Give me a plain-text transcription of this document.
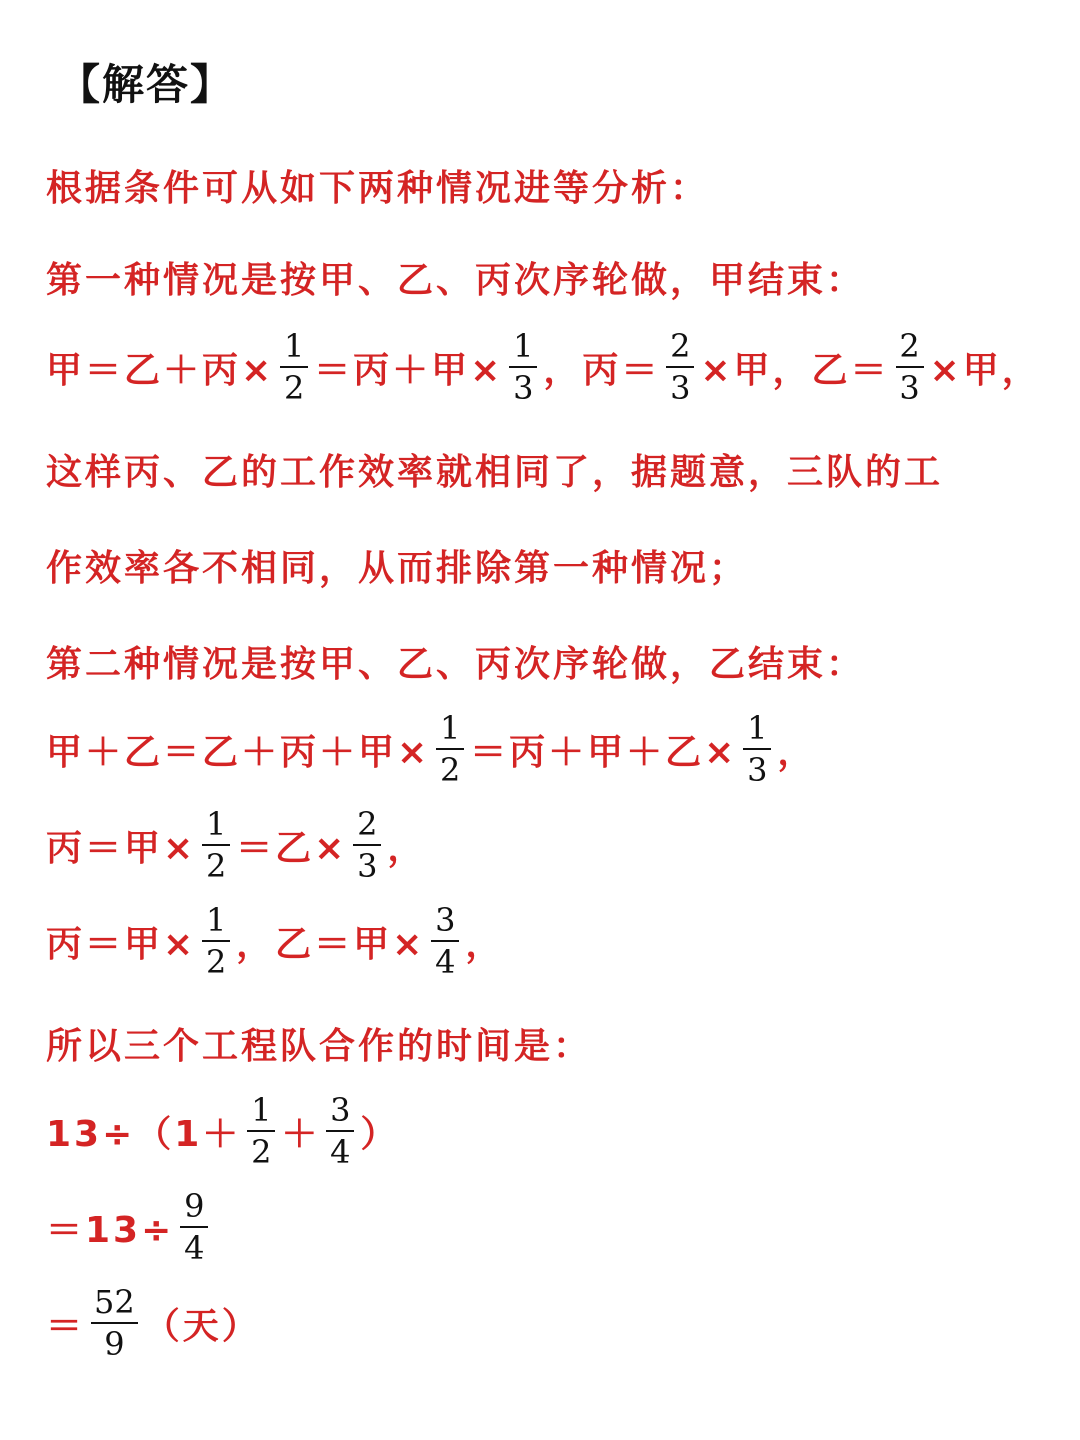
【解答】
根据条件可从如下两种情况进等分析：
第一种情况是按甲、乙、丙次序轮做，甲结束：
甲＝乙＋丙× $\frac{1}{2}$ ＝丙＋甲× $\frac{1}{3}$ ，丙＝ $\frac{2}{3}$ ×甲，乙＝ $\frac{2}{3}$ ×甲，
这样丙、乙的工作效率就相同了，据题意，三队的工
作效率各不相同，从而排除第一种情况；
第二种情况是按甲、乙、丙次序轮做，乙结束：
甲＋乙＝乙＋丙＋甲× $\frac{1}{2}$ ＝丙＋甲＋乙× $\frac{1}{3}$ ，
丙＝甲× $\frac{1}{2}$ ＝乙× $\frac{2}{3}$ ，
丙＝甲× $\frac{1}{2}$ ，乙＝甲× $\frac{3}{4}$ ，
所以三个工程队合作的时间是：
$13\div(1+ \frac{1}{2} + \frac{3}{4}$ ）
$=13\div \frac{9}{4}$
＝ $\frac{52}{9}$ （天）
